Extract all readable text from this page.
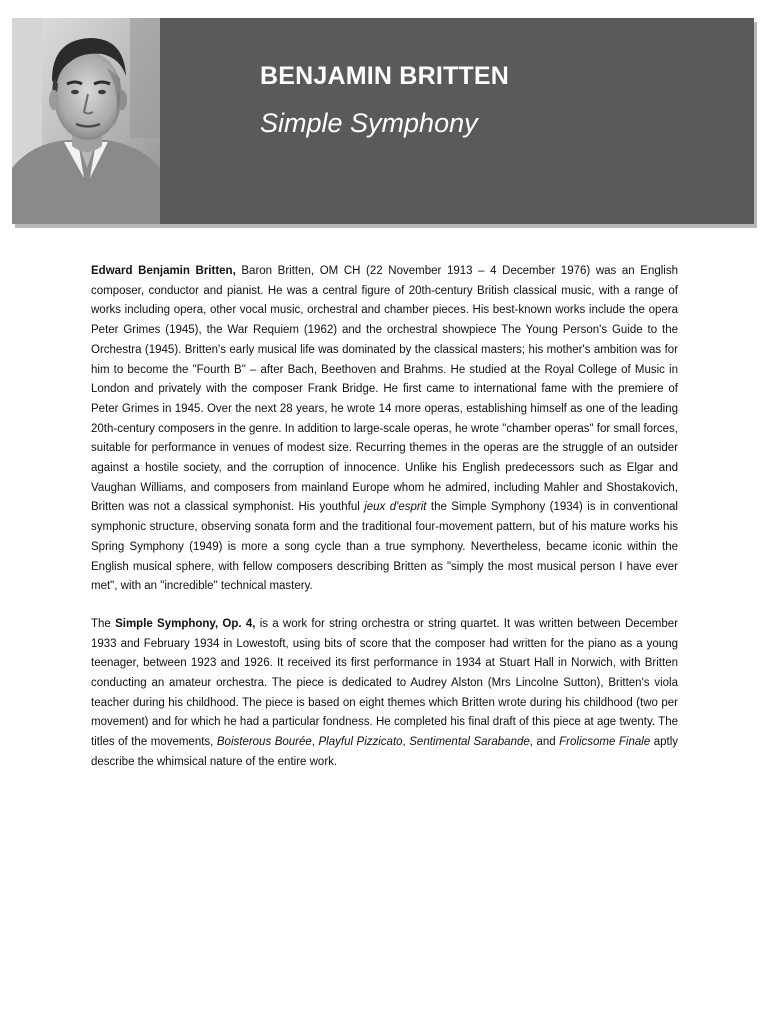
BENJAMIN BRITTEN
Simple Symphony

Edward Benjamin Britten, Baron Britten, OM CH (22 November 1913 – 4 December 1976) was an English composer, conductor and pianist. He was a central figure of 20th-century British classical music, with a range of works including opera, other vocal music, orchestral and chamber pieces. His best-known works include the opera Peter Grimes (1945), the War Requiem (1962) and the orchestral showpiece The Young Person's Guide to the Orchestra (1945). Britten's early musical life was dominated by the classical masters; his mother's ambition was for him to become the "Fourth B" – after Bach, Beethoven and Brahms. He studied at the Royal College of Music in London and privately with the composer Frank Bridge. He first came to international fame with the premiere of Peter Grimes in 1945. Over the next 28 years, he wrote 14 more operas, establishing himself as one of the leading 20th-century composers in the genre. In addition to large-scale operas, he wrote "chamber operas" for small forces, suitable for performance in venues of modest size. Recurring themes in the operas are the struggle of an outsider against a hostile society, and the corruption of innocence. Unlike his English predecessors such as Elgar and Vaughan Williams, and composers from mainland Europe whom he admired, including Mahler and Shostakovich, Britten was not a classical symphonist. His youthful jeux d'esprit the Simple Symphony (1934) is in conventional symphonic structure, observing sonata form and the traditional four-movement pattern, but of his mature works his Spring Symphony (1949) is more a song cycle than a true symphony. Nevertheless, became iconic within the English musical sphere, with fellow composers describing Britten as "simply the most musical person I have ever met", with an "incredible" technical mastery.

The Simple Symphony, Op. 4, is a work for string orchestra or string quartet. It was written between December 1933 and February 1934 in Lowestoft, using bits of score that the composer had written for the piano as a young teenager, between 1923 and 1926. It received its first performance in 1934 at Stuart Hall in Norwich, with Britten conducting an amateur orchestra. The piece is dedicated to Audrey Alston (Mrs Lincolne Sutton), Britten's viola teacher during his childhood. The piece is based on eight themes which Britten wrote during his childhood (two per movement) and for which he had a particular fondness. He completed his final draft of this piece at age twenty. The titles of the movements, Boisterous Bourée, Playful Pizzicato, Sentimental Sarabande, and Frolicsome Finale aptly describe the whimsical nature of the entire work.
